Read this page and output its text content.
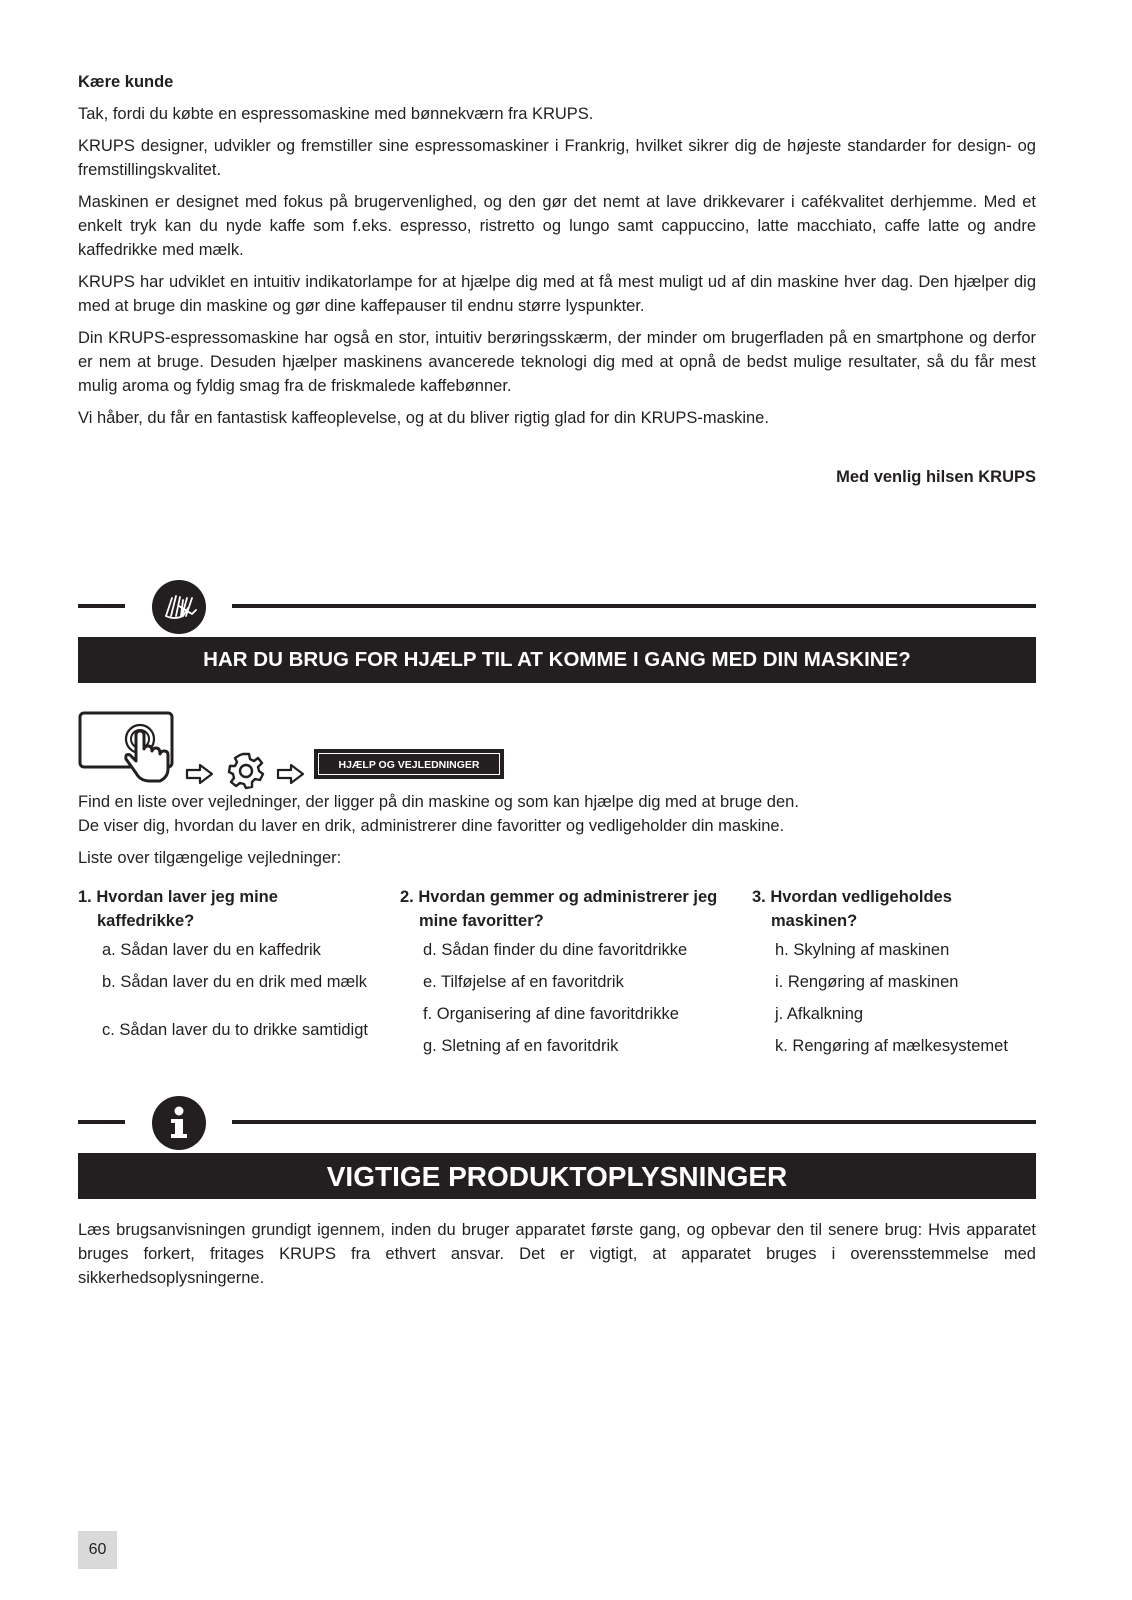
Kære kunde

Tak, fordi du købte en espressomaskine med bønnekværn fra KRUPS.

KRUPS designer, udvikler og fremstiller sine espressomaskiner i Frankrig, hvilket sikrer dig de højeste standarder for design- og fremstillingskvalitet.

Maskinen er designet med fokus på brugervenlighed, og den gør det nemt at lave drikkevarer i cafékvalitet derhjemme. Med et enkelt tryk kan du nyde kaffe som f.eks. espresso, ristretto og lungo samt cappuccino, latte macchiato, caffe latte og andre kaffedrikke med mælk.

KRUPS har udviklet en intuitiv indikatorlampe for at hjælpe dig med at få mest muligt ud af din maskine hver dag. Den hjælper dig med at bruge din maskine og gør dine kaffepauser til endnu større lyspunkter.

Din KRUPS-espressomaskine har også en stor, intuitiv berøringsskærm, der minder om brugerfladen på en smartphone og derfor er nem at bruge. Desuden hjælper maskinens avancerede teknologi dig med at opnå de bedst mulige resultater, så du får mest mulig aroma og fyldig smag fra de friskmalede kaffebønner.

Vi håber, du får en fantastisk kaffeoplevelse, og at du bliver rigtig glad for din KRUPS-maskine.

Med venlig hilsen KRUPS
HAR DU BRUG FOR HJÆLP TIL AT KOMME I GANG MED DIN MASKINE?
HJÆLP OG VEJLEDNINGER

Find en liste over vejledninger, der ligger på din maskine og som kan hjælpe dig med at bruge den.

De viser dig, hvordan du laver en drik, administrerer dine favoritter og vedligeholder din maskine.

Liste over tilgængelige vejledninger:

1. Hvordan laver jeg mine kaffedrikke?
a. Sådan laver du en kaffedrik
b. Sådan laver du en drik med mælk
c. Sådan laver du to drikke samtidigt
2. Hvordan gemmer og administrerer jeg mine favoritter?
d. Sådan finder du dine favoritdrikke
e. Tilføjelse af en favoritdrik
f. Organisering af dine favoritdrikke
g. Sletning af en favoritdrik
3. Hvordan vedligeholdes maskinen?
h. Skylning af maskinen
i. Rengøring af maskinen
j. Afkalkning
k. Rengøring af mælkesystemet
VIGTIGE PRODUKTOPLYSNINGER

Læs brugsanvisningen grundigt igennem, inden du bruger apparatet første gang, og opbevar den til senere brug: Hvis apparatet bruges forkert, fritages KRUPS fra ethvert ansvar. Det er vigtigt, at apparatet bruges i overensstemmelse med sikkerhedsoplysningerne.

60
